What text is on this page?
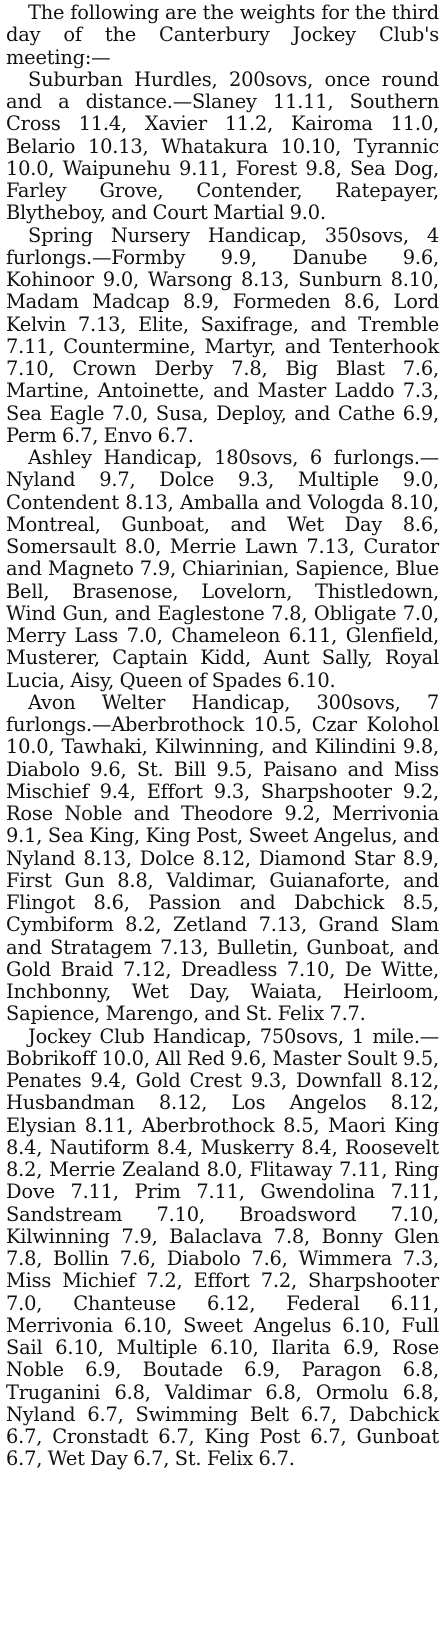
The following are the weights for the third day of the Canterbury Jockey Club's meeting:—

Suburban Hurdles, 200sovs, once round and a distance.—Slaney 11.11, Southern Cross 11.4, Xavier 11.2, Kairoma 11.0, Belario 10.13, Whatakura 10.10, Tyrannic 10.0, Waipunehu 9.11, Forest 9.8, Sea Dog, Farley Grove, Contender, Ratepayer, Blytheboy, and Court Martial 9.0.

Spring Nursery Handicap, 350sovs, 4 furlongs.—Formby 9.9, Danube 9.6, Kohinoor 9.0, Warsong 8.13, Sunburn 8.10, Madam Madcap 8.9, Formeden 8.6, Lord Kelvin 7.13, Elite, Saxifrage, and Tremble 7.11, Countermine, Martyr, and Tenterhook 7.10, Crown Derby 7.8, Big Blast 7.6, Martine, Antoinette, and Master Laddo 7.3, Sea Eagle 7.0, Susa, Deploy, and Cathe 6.9, Perm 6.7, Envo 6.7.

Ashley Handicap, 180sovs, 6 furlongs.—Nyland 9.7, Dolce 9.3, Multiple 9.0, Contendent 8.13, Amballa and Vologda 8.10, Montreal, Gunboat, and Wet Day 8.6, Somersault 8.0, Merrie Lawn 7.13, Curator and Magneto 7.9, Chiarinian, Sapience, Blue Bell, Brasenose, Lovelorn, Thistledown, Wind Gun, and Eaglestone 7.8, Obligate 7.0, Merry Lass 7.0, Chameleon 6.11, Glenfield, Musterer, Captain Kidd, Aunt Sally, Royal Lucia, Aisy, Queen of Spades 6.10.

Avon Welter Handicap, 300sovs, 7 furlongs.—Aberbrothock 10.5, Czar Kolohol 10.0, Tawhaki, Kilwinning, and Kilindini 9.8, Diabolo 9.6, St. Bill 9.5, Paisano and Miss Mischief 9.4, Effort 9.3, Sharpshooter 9.2, Rose Noble and Theodore 9.2, Merrivonia 9.1, Sea King, King Post, Sweet Angelus, and Nyland 8.13, Dolce 8.12, Diamond Star 8.9, First Gun 8.8, Valdimar, Guianaforte, and Flingot 8.6, Passion and Dabchick 8.5, Cymbiform 8.2, Zetland 7.13, Grand Slam and Stratagem 7.13, Bulletin, Gunboat, and Gold Braid 7.12, Dreadless 7.10, De Witte, Inchbonny, Wet Day, Waiata, Heirloom, Sapience, Marengo, and St. Felix 7.7.

Jockey Club Handicap, 750sovs, 1 mile.—Bobrikoff 10.0, All Red 9.6, Master Soult 9.5, Penates 9.4, Gold Crest 9.3, Downfall 8.12, Husbandman 8.12, Los Angelos 8.12, Elysian 8.11, Aberbrothock 8.5, Maori King 8.4, Nautiform 8.4, Muskerry 8.4, Roosevelt 8.2, Merrie Zealand 8.0, Flitaway 7.11, Ring Dove 7.11, Prim 7.11, Gwendolina 7.11, Sandstream 7.10, Broadsword 7.10, Kilwinning 7.9, Balaclava 7.8, Bonny Glen 7.8, Bollin 7.6, Diabolo 7.6, Wimmera 7.3, Miss Michief 7.2, Effort 7.2, Sharpshooter 7.0, Chanteuse 6.12, Federal 6.11, Merrivonia 6.10, Sweet Angelus 6.10, Full Sail 6.10, Multiple 6.10, Ilarita 6.9, Rose Noble 6.9, Boutade 6.9, Paragon 6.8, Truganini 6.8, Valdimar 6.8, Ormolu 6.8, Nyland 6.7, Swimming Belt 6.7, Dabchick 6.7, Cronstadt 6.7, King Post 6.7, Gunboat 6.7, Wet Day 6.7, St. Felix 6.7.
